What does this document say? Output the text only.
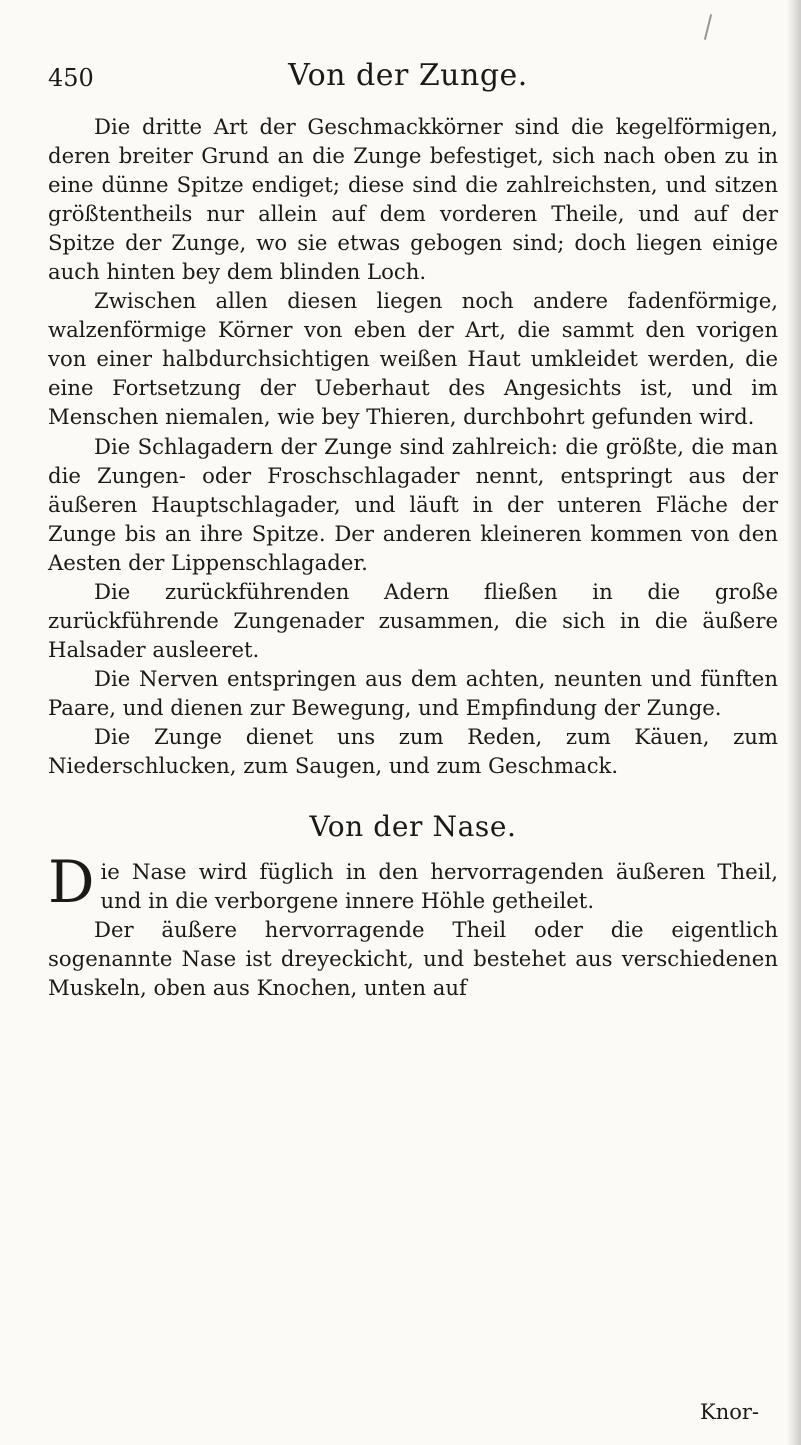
450	Von der Zunge.

Die dritte Art der Geschmackkörner sind die kegelförmigen, deren breiter Grund an die Zunge befestiget, sich nach oben zu in eine dünne Spitze endiget; diese sind die zahlreichsten, und sitzen größtentheils nur allein auf dem vorderen Theile, und auf der Spitze der Zunge, wo sie etwas gebogen sind; doch liegen einige auch hinten bey dem blinden Loch.

Zwischen allen diesen liegen noch andere fadenförmige, walzenförmige Körner von eben der Art, die sammt den vorigen von einer halbdurchsichtigen weißen Haut umkleidet werden, die eine Fortsetzung der Ueberhaut des Angesichts ist, und im Menschen niemalen, wie bey Thieren, durchbohrt gefunden wird.

Die Schlagadern der Zunge sind zahlreich: die größte, die man die Zungen- oder Froschschlagader nennt, entspringt aus der äußeren Hauptschlagader, und läuft in der unteren Fläche der Zunge bis an ihre Spitze. Der anderen kleineren kommen von den Aesten der Lippenschlagader.

Die zurückführenden Adern fließen in die große zurückführende Zungenader zusammen, die sich in die äußere Halsader ausleeret.

Die Nerven entspringen aus dem achten, neunten und fünften Paare, und dienen zur Bewegung, und Empfindung der Zunge.

Die Zunge dienet uns zum Reden, zum Käuen, zum Niederschlucken, zum Saugen, und zum Geschmack.

Von der Nase.

Die Nase wird füglich in den hervorragenden äußeren Theil, und in die verborgene innere Höhle getheilet.

Der äußere hervorragende Theil oder die eigentlich sogenannte Nase ist dreyeckicht, und bestehet aus verschiedenen Muskeln, oben aus Knochen, unten auf

Knor-
